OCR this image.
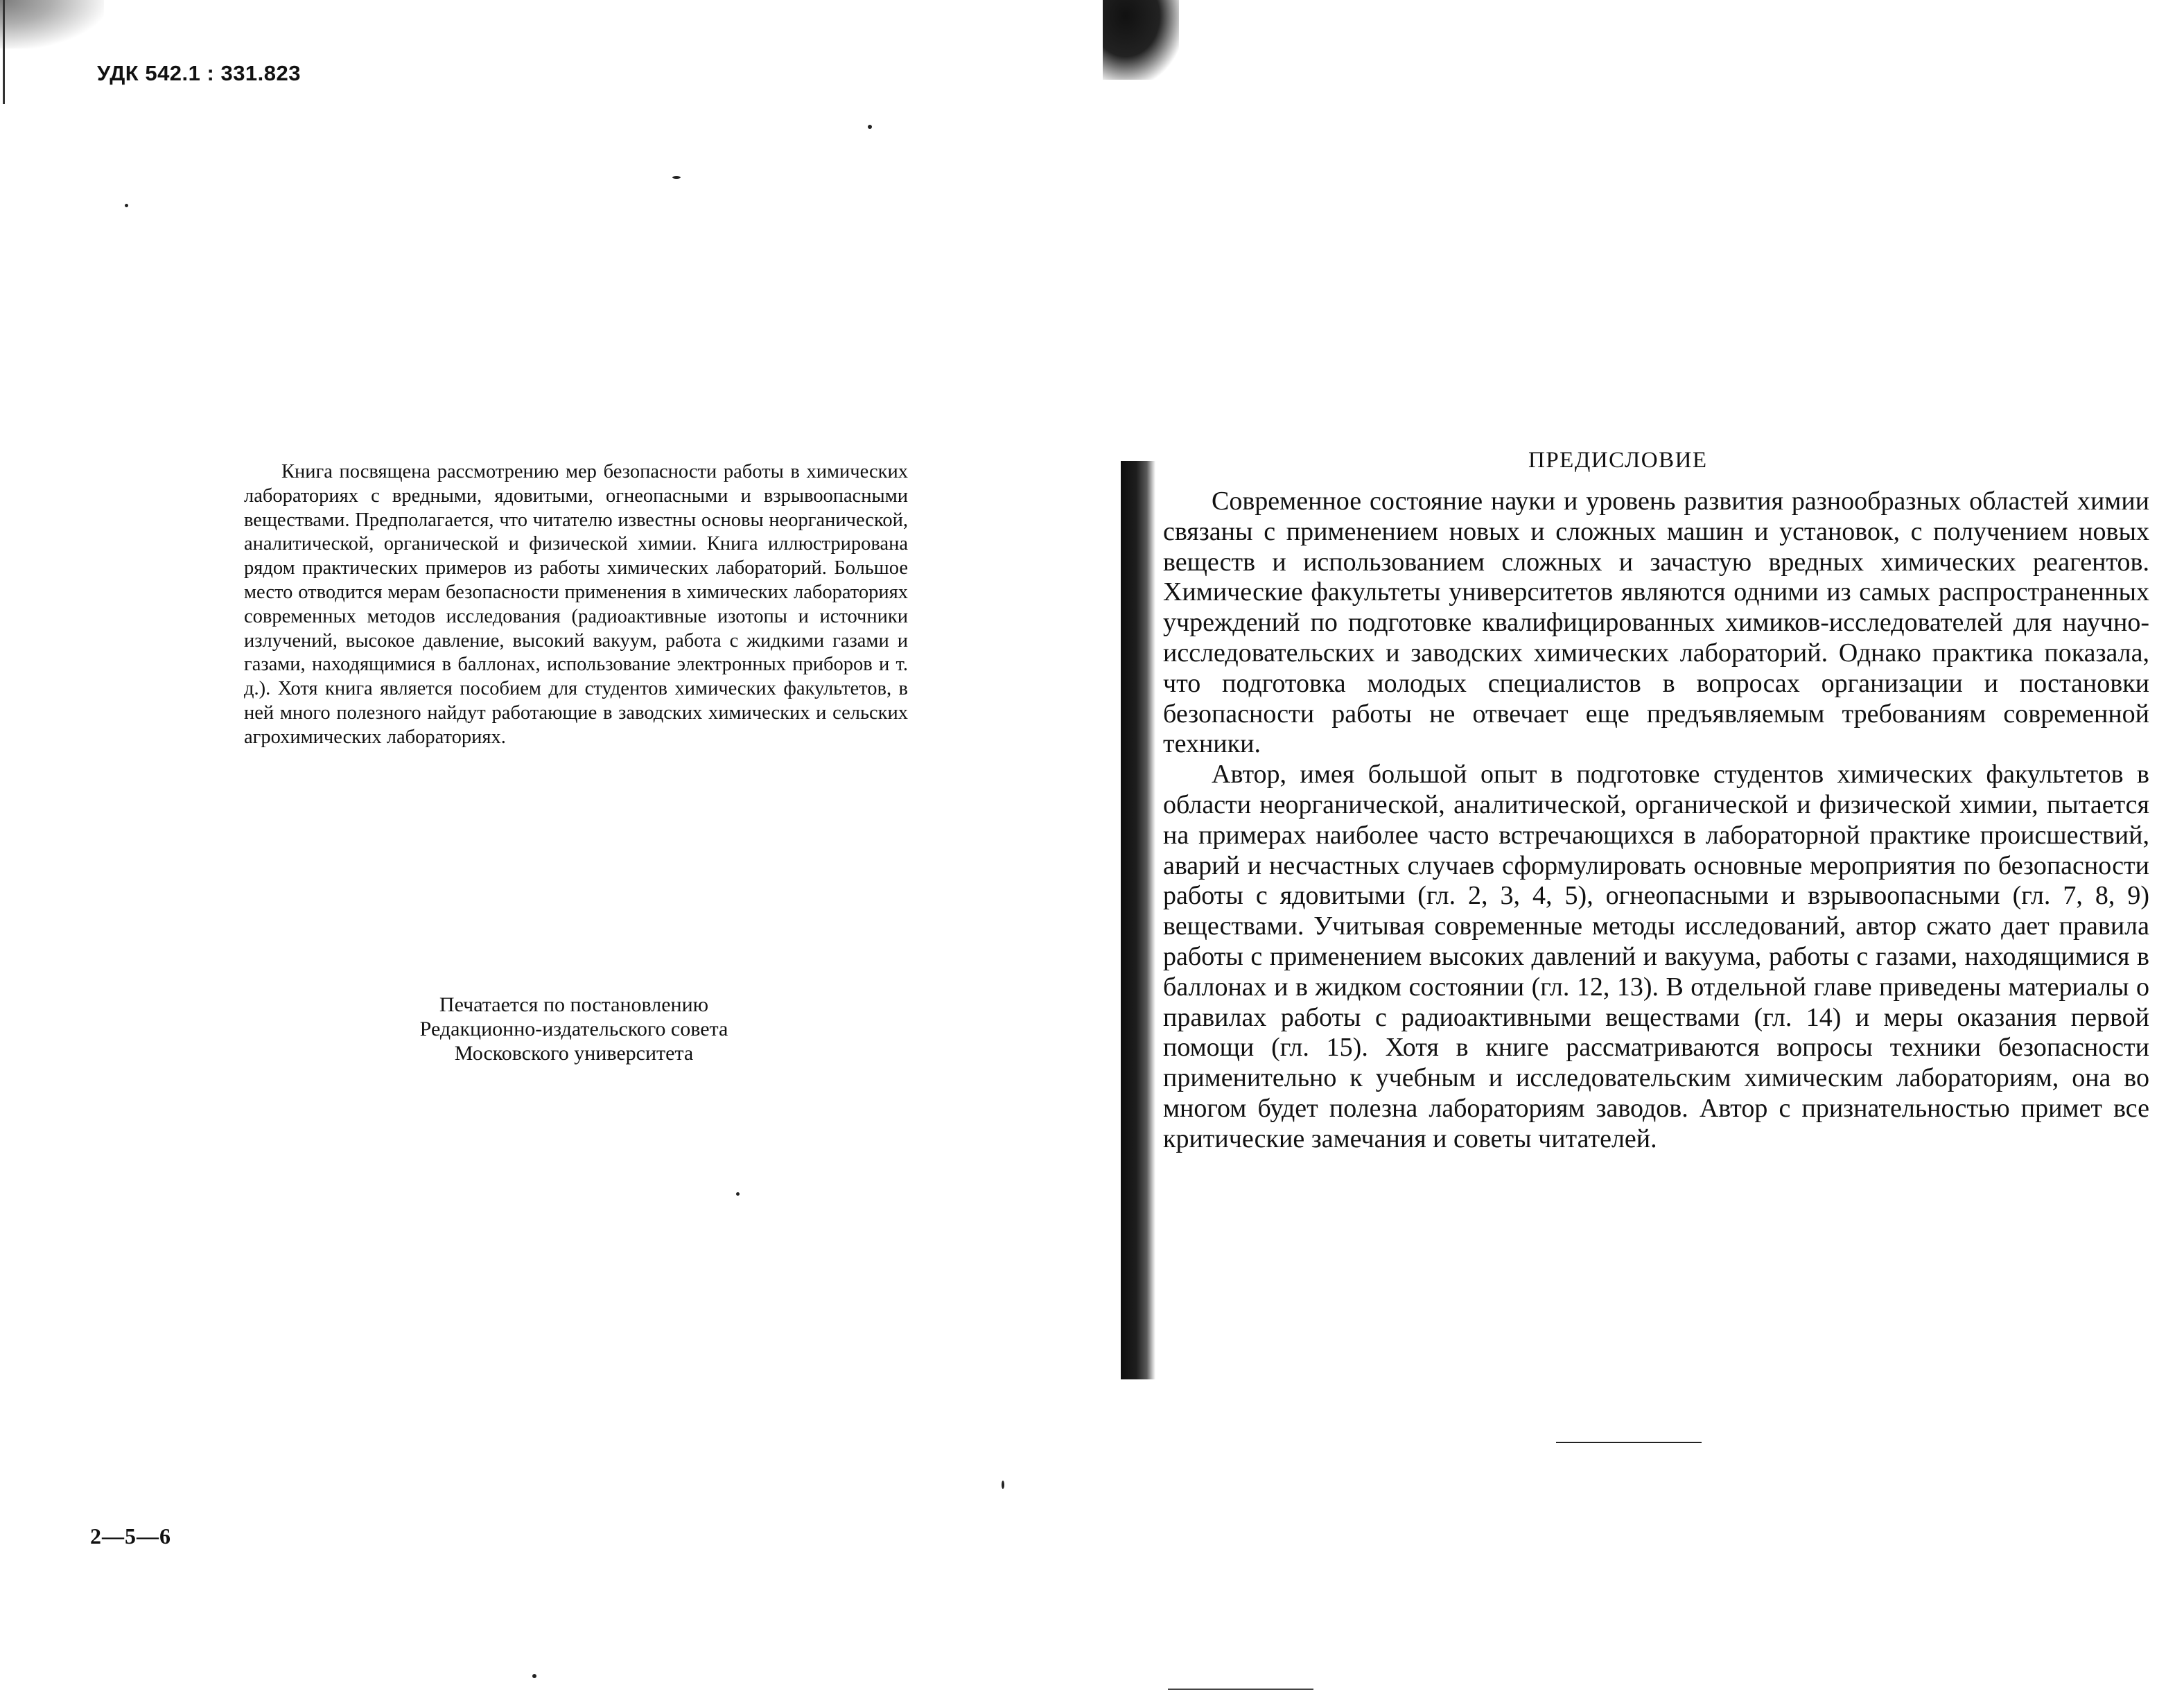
УДК 542.1 : 331.823

Книга посвящена рассмотрению мер безопасности работы в химических лабораториях с вредными, ядовитыми, огнеопасными и взрывоопасными веществами. Предполагается, что читателю известны основы неорганической, аналитической, органической и физической химии. Книга иллюстрирована рядом практических примеров из работы химических лабораторий. Большое место отводится мерам безопасности применения в химических лабораториях современных методов исследования (радиоактивные изотопы и источники излучений, высокое давление, высокий вакуум, работа с жидкими газами и газами, находящимися в баллонах, использование электронных приборов и т. д.). Хотя книга является пособием для студентов химических факультетов, в ней много полезного найдут работающие в заводских химических и сельских агрохимических лабораториях.

Печатается по постановлению
Редакционно-издательского совета
Московского университета
2—5—6
ПРЕДИСЛОВИЕ

Современное состояние науки и уровень развития разнообразных областей химии связаны с применением новых и сложных машин и установок, с получением новых веществ и использованием сложных и зачастую вредных химических реагентов. Химические факультеты университетов являются одними из самых распространенных учреждений по подготовке квалифицированных химиков-исследователей для научно-исследовательских и заводских химических лабораторий. Однако практика показала, что подготовка молодых специалистов в вопросах организации и постановки безопасности работы не отвечает еще предъявляемым требованиям современной техники.

Автор, имея большой опыт в подготовке студентов химических факультетов в области неорганической, аналитической, органической и физической химии, пытается на примерах наиболее часто встречающихся в лабораторной практике происшествий, аварий и несчастных случаев сформулировать основные мероприятия по безопасности работы с ядовитыми (гл. 2, 3, 4, 5), огнеопасными и взрывоопасными (гл. 7, 8, 9) веществами. Учитывая современные методы исследований, автор сжато дает правила работы с применением высоких давлений и вакуума, работы с газами, находящимися в баллонах и в жидком состоянии (гл. 12, 13). В отдельной главе приведены материалы о правилах работы с радиоактивными веществами (гл. 14) и меры оказания первой помощи (гл. 15). Хотя в книге рассматриваются вопросы техники безопасности применительно к учебным и исследовательским химическим лабораториям, она во многом будет полезна лабораториям заводов. Автор с признательностью примет все критические замечания и советы читателей.
